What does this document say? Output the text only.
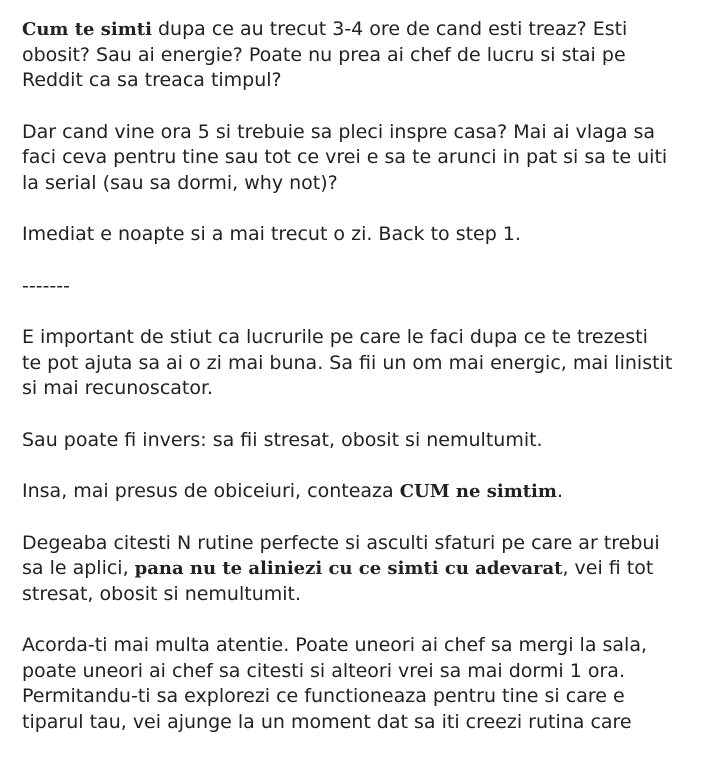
Cum te simti dupa ce au trecut 3-4 ore de cand esti treaz? Esti
obosit? Sau ai energie? Poate nu prea ai chef de lucru si stai pe
Reddit ca sa treaca timpul?

Dar cand vine ora 5 si trebuie sa pleci inspre casa? Mai ai vlaga sa
faci ceva pentru tine sau tot ce vrei e sa te arunci in pat si sa te uiti
la serial (sau sa dormi, why not)?

Imediat e noapte si a mai trecut o zi. Back to step 1.

-------

E important de stiut ca lucrurile pe care le faci dupa ce te trezesti
te pot ajuta sa ai o zi mai buna. Sa fii un om mai energic, mai linistit
si mai recunoscator.

Sau poate fi invers: sa fii stresat, obosit si nemultumit.

Insa, mai presus de obiceiuri, conteaza CUM ne simtim.

Degeaba citesti N rutine perfecte si asculti sfaturi pe care ar trebui
sa le aplici, pana nu te aliniezi cu ce simti cu adevarat, vei fi tot
stresat, obosit si nemultumit.

Acorda-ti mai multa atentie. Poate uneori ai chef sa mergi la sala,
poate uneori ai chef sa citesti si alteori vrei sa mai dormi 1 ora.
Permitandu-ti sa explorezi ce functioneaza pentru tine si care e
tiparul tau, vei ajunge la un moment dat sa iti creezi rutina care
